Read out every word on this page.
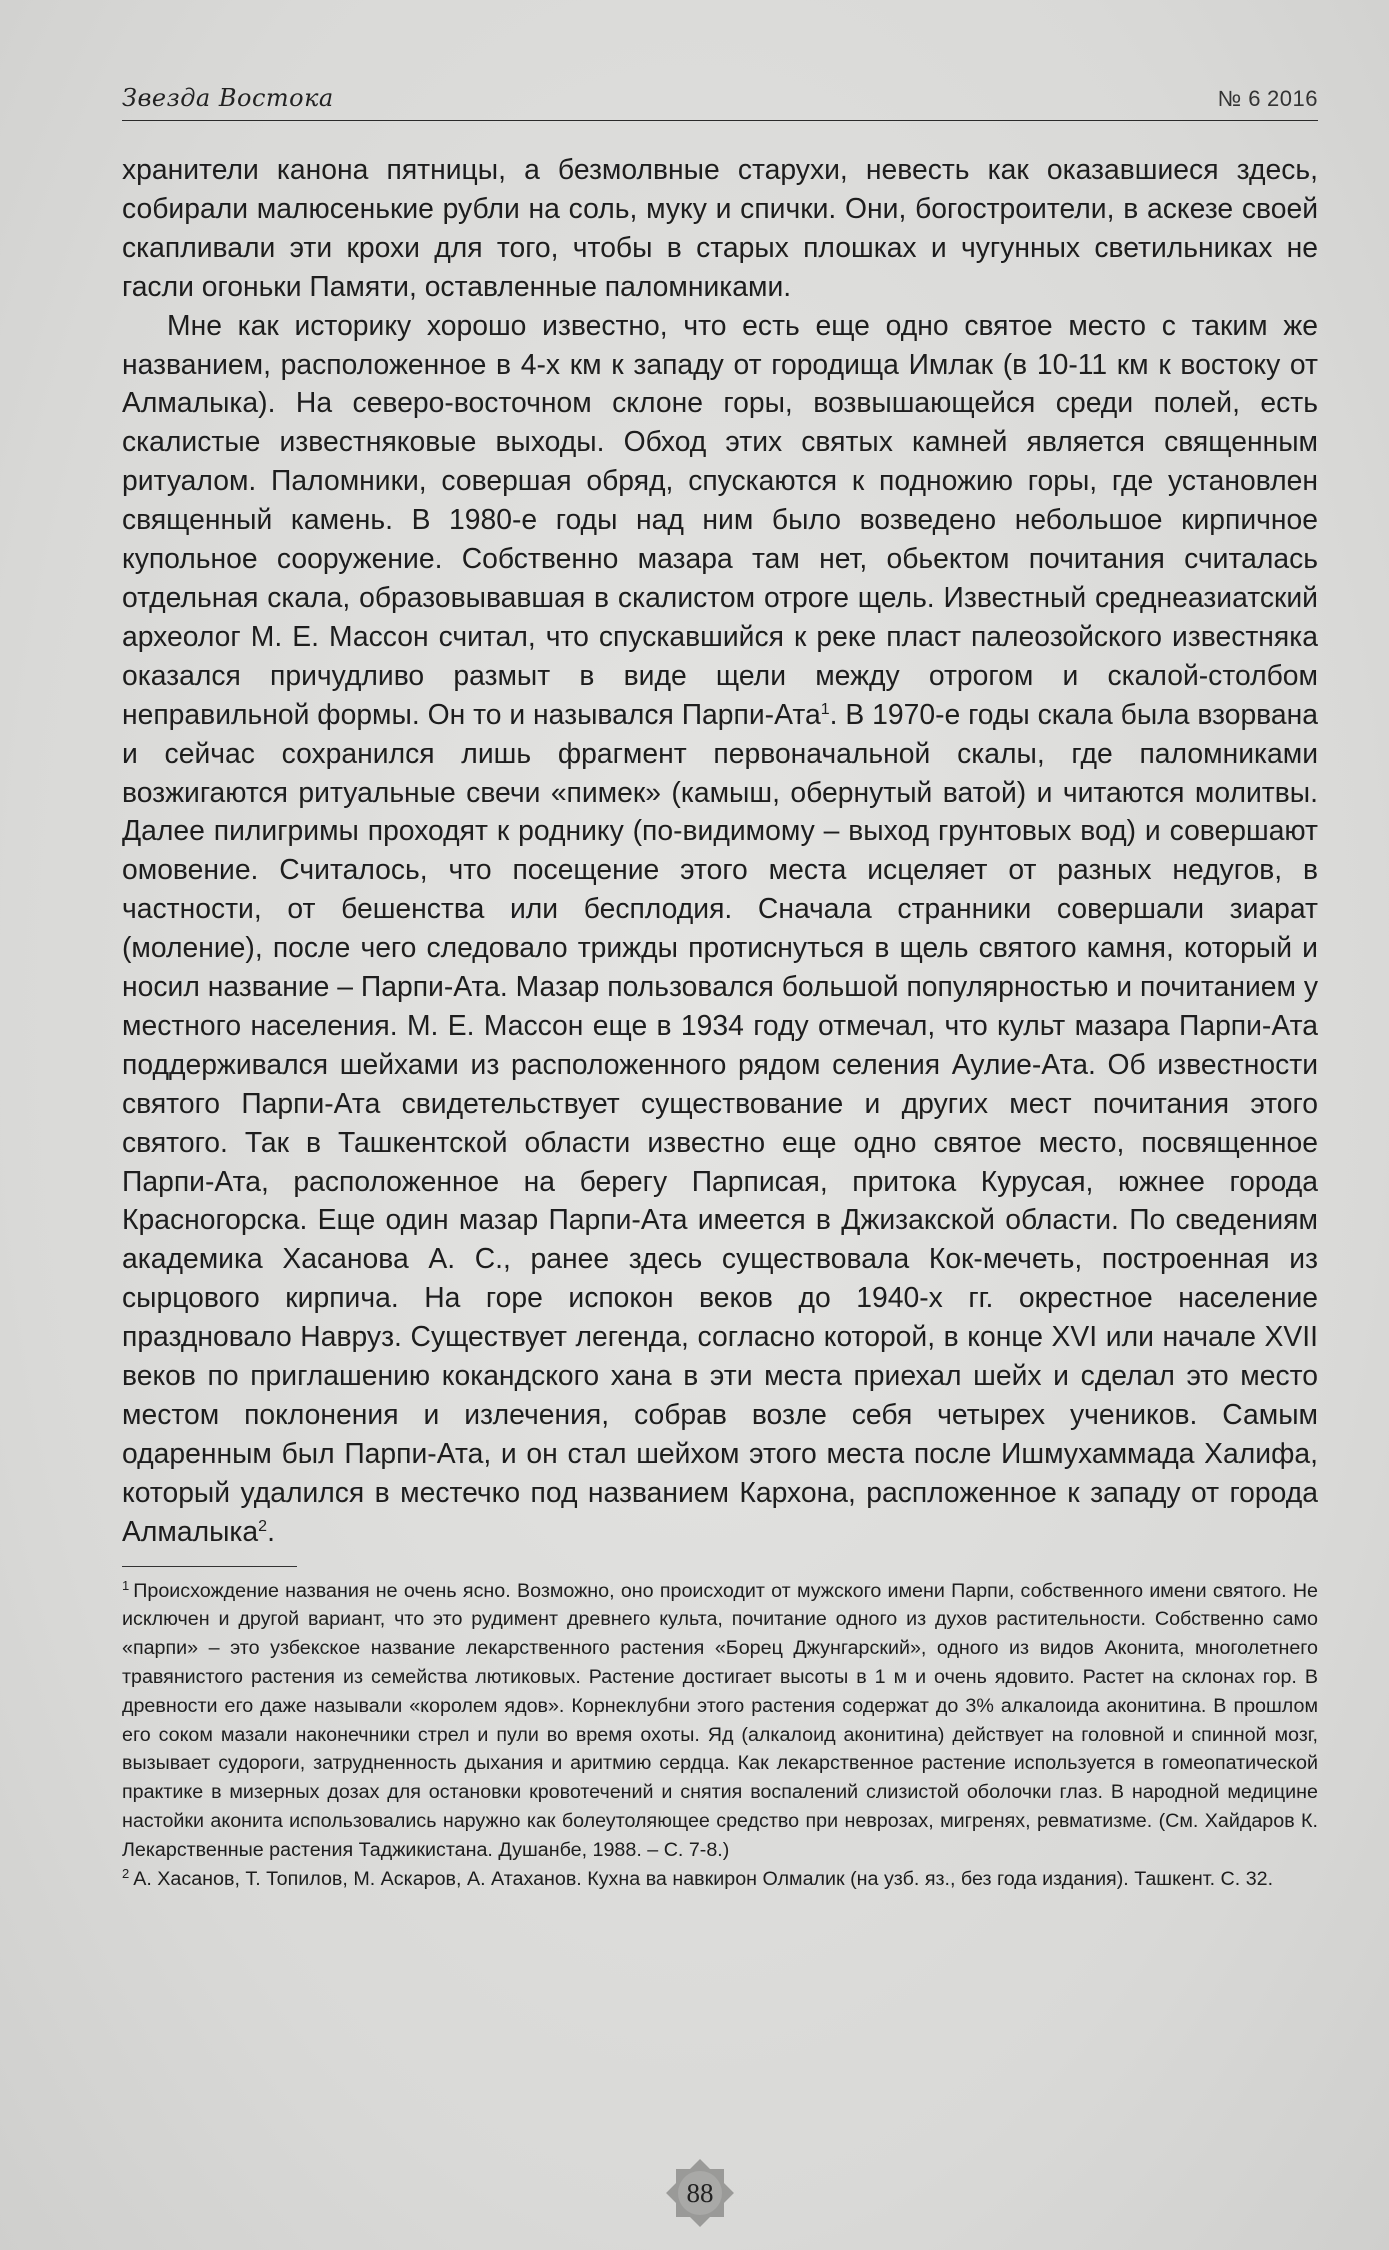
Звезда Востока	№ 6 2016

хранители канона пятницы, а безмолвные старухи, невесть как оказавшиеся здесь, собирали малюсенькие рубли на соль, муку и спички. Они, богостроители, в аскезе своей скапливали эти крохи для того, чтобы в старых плошках и чугунных светильниках не гасли огоньки Памяти, оставленные паломниками.

Мне как историку хорошо известно, что есть еще одно святое место с таким же названием, расположенное в 4-х км к западу от городища Имлак (в 10-11 км к востоку от Алмалыка). На северо-восточном склоне горы, возвышающейся среди полей, есть скалистые известняковые выходы. Обход этих святых камней является священным ритуалом. Паломники, совершая обряд, спускаются к подножию горы, где установлен священный камень. В 1980-е годы над ним было возведено небольшое кирпичное купольное сооружение. Собственно мазара там нет, обьектом почитания считалась отдельная скала, образовывавшая в скалистом отроге щель. Известный среднеазиатский археолог М. Е. Массон считал, что спускавшийся к реке пласт палеозойского известняка оказался причудливо размыт в виде щели между отрогом и скалой-столбом неправильной формы. Он то и назывался Парпи-Ата$^1$. В 1970-е годы скала была взорвана и сейчас сохранился лишь фрагмент первоначальной скалы, где паломниками возжигаются ритуальные свечи «пимек» (камыш, обернутый ватой) и читаются молитвы. Далее пилигримы проходят к роднику (по-видимому – выход грунтовых вод) и совершают омовение. Считалось, что посещение этого места исцеляет от разных недугов, в частности, от бешенства или бесплодия. Сначала странники совершали зиарат (моление), после чего следовало трижды протиснуться в щель святого камня, который и носил название – Парпи-Ата. Мазар пользовался большой популярностью и почитанием у местного населения. М. Е. Массон еще в 1934 году отмечал, что культ мазара Парпи-Ата поддерживался шейхами из расположенного рядом селения Аулие-Ата. Об известности святого Парпи-Ата свидетельствует существование и других мест почитания этого святого. Так в Ташкентской области известно еще одно святое место, посвященное Парпи-Ата, расположенное на берегу Парписая, притока Курусая, южнее города Красногорска. Еще один мазар Парпи-Ата имеется в Джизакской области. По сведениям академика Хасанова А. С., ранее здесь существовала Кок-мечеть, построенная из сырцового кирпича. На горе испокон веков до 1940-х гг. окрестное население праздновало Навруз. Существует легенда, согласно которой, в конце XVI или начале XVII веков по приглашению кокандского хана в эти места приехал шейх и сделал это место местом поклонения и излечения, собрав возле себя четырех учеников. Самым одаренным был Парпи-Ата, и он стал шейхом этого места после Ишмухаммада Халифа, который удалился в местечко под названием Кархона, распложенное к западу от города Алмалыка$^2$.

$^1$ Происхождение названия не очень ясно. Возможно, оно происходит от мужского имени Парпи, собственного имени святого. Не исключен и другой вариант, что это рудимент древнего культа, почитание одного из духов растительности. Собственно само «парпи» – это узбекское название лекарственного растения «Борец Джунгарский», одного из видов Аконита, многолетнего травянистого растения из семейства лютиковых. Растение достигает высоты в 1 м и очень ядовито. Растет на склонах гор. В древности его даже называли «королем ядов». Корнеклубни этого растения содержат до 3% алкалоида аконитина. В прошлом его соком мазали наконечники стрел и пули во время охоты. Яд (алкалоид аконитина) действует на головной и спинной мозг, вызывает судороги, затрудненность дыхания и аритмию сердца. Как лекарственное растение используется в гомеопатической практике в мизерных дозах для остановки кровотечений и снятия воспалений слизистой оболочки глаз. В народной медицине настойки аконита использовались наружно как болеутоляющее средство при неврозах, мигренях, ревматизме. (См. Хайдаров К. Лекарственные растения Таджикистана. Душанбе, 1988. – С. 7-8.)

$^2$ А. Хасанов, Т. Топилов, М. Аскаров, А. Атаханов. Кухна ва навкирон Олмалик (на узб. яз., без года издания). Ташкент. С. 32.

88
